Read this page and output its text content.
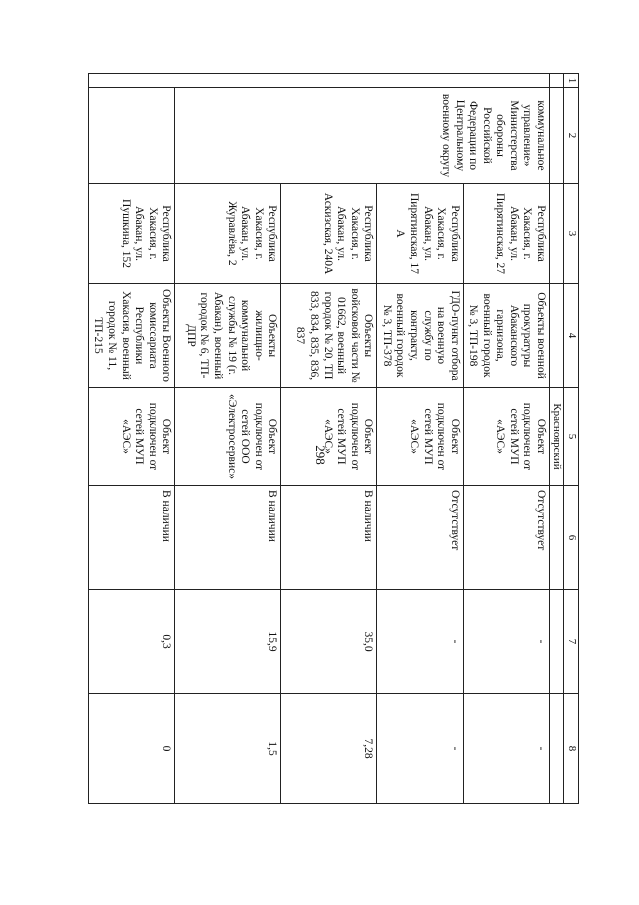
298
1	2	3	4	5	6	7	8
				Красноярский			
	коммунальное управление» Министерства обороны Российской Федерации по Центральному военному округу	Республика Хакасия, г. Абакан, ул. Пирятинская, 27	Объекты военной прокуратуры Абаканского гарнизона, военный городок № 3, ТП-198	Объект подключен от сетей МУП «АЭС»	Отсутствует	-	-
		Республика Хакасия, г. Абакан, ул. Пирятинская, 17 А	ГДО-пункт отбора на военную службу по контракту, военный городок № 3, ТП-378	Объект подключен от сетей МУП «АЭС»	Отсутствует	-	-
		Республика Хакасия, г. Абакан, ул. Аскизская, 240А	Объекты войсковой части № 01662, военный городок № 20, ТП 833, 834, 835, 836, 837	Объект подключен от сетей МУП «АЭС»	В наличии	35,0	7,28
		Республика Хакасия, г. Абакан, ул. Журавлёва, 2	Объекты жилищно-коммунальной службы № 19 (г. Абакан), военный городок № 6, ТП-ДПР	Объект подключен от сетей ООО «Электросервис»	В наличии	15,9	1,5
		Республика Хакасия, г. Абакан, ул. Пушкина, 152	Объекты Военного комиссариата Республики Хакасия, военный городок № 11, ТП-215	Объект подключен от сетей МУП «АЭС»	В наличии	0,3	0
